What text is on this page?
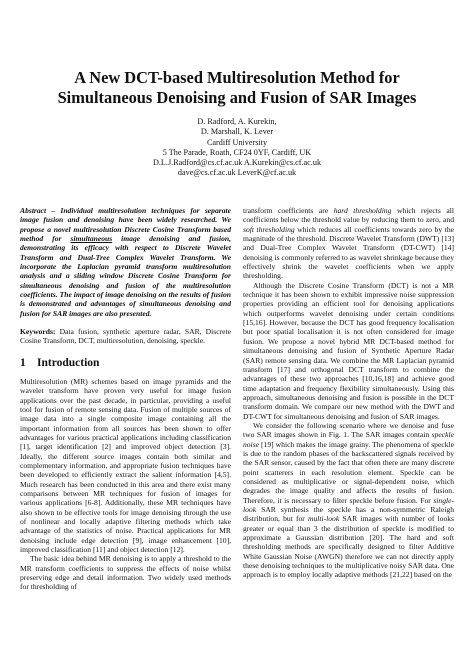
A New DCT-based Multiresolution Method for
Simultaneous Denoising and Fusion of SAR Images
D. Radford, A. Kurekin,
D. Marshall, K. Lever
Cardiff University
5 The Parade, Roath, CF24 0YF, Cardiff, UK
D.L.J.Radford@cs.cf.ac.uk A.Kurekin@cs.cf.ac.uk
dave@cs.cf.ac.uk LeverK@cf.ac.uk

Abstract – Individual multiresolution techniques for separate image fusion and denoising have been widely researched. We propose a novel multiresolution Discrete Cosine Transform based method for simultaneous image denoising and fusion, demonstrating its efficacy with respect to Discrete Wavelet Transform and Dual-Tree Complex Wavelet Transform. We incorporate the Laplacian pyramid transform multiresolution analysis and a sliding window Discrete Cosine Transform for simultaneous denoising and fusion of the multiresolution coefficients. The impact of image denoising on the results of fusion is demonstrated and advantages of simultaneous denoising and fusion for SAR images are also presented.

Keywords: Data fusion, synthetic aperture radar, SAR, Discrete Cosine Transform, DCT, multiresolution, denoising, speckle.

1 Introduction

Multiresolution (MR) schemes based on image pyramids and the wavelet transform have proven very useful for image fusion applications over the past decade, in particular, providing a useful tool for fusion of remote sensing data. Fusion of multiple sources of image data into a single composite image containing all the important information from all sources has been shown to offer advantages for various practical applications including classification [1], target identification [2] and improved object detection [3]. Ideally, the different source images contain both similar and complementary information, and appropriate fusion techniques have been developed to efficiently extract the salient information [4,5]. Much research has been conducted in this area and there exist many comparisons between MR techniques for fusion of images for various applications [6-8]. Additionally, these MR techniques have also shown to be effective tools for image denoising through the use of nonlinear and locally adaptive filtering methods which take advantage of the statistics of noise. Practical applications for MR denoising include edge detection [9], image enhancement [10], improved classification [11] and object detection [12].

The basic idea behind MR denoising is to apply a threshold to the MR transform coefficients to suppress the effects of noise whilst preserving edge and detail information. Two widely used methods for thresholding of

transform coefficients are hard thresholding which rejects all coefficients below the threshold value by reducing them to zero, and soft thresholding which reduces all coefficients towards zero by the magnitude of the threshold. Discrete Wavelet Transform (DWT) [13] and Dual-Tree Complex Wavelet Transform (DT-CWT) [14] denoising is commonly referred to as wavelet shrinkage because they effectively shrink the wavelet coefficients when we apply thresholding.

Although the Discrete Cosine Transform (DCT) is not a MR technique it has been shown to exhibit impressive noise suppression properties providing an efficient tool for denoising applications which outperforms wavelet denoising under certain conditions [15,16]. However, because the DCT has good frequency localisation but poor spatial localisation it is not often considered for image fusion. We propose a novel hybrid MR DCT-based method for simultaneous denoising and fusion of Synthetic Aperture Radar (SAR) remote sensing data. We combine the MR Laplacian pyramid transform [17] and orthogonal DCT transform to combine the advantages of these two approaches [10,16,18] and achieve good time adaptation and frequency flexibility simultaneously. Using this approach, simultaneous denoising and fusion is possible in the DCT transform domain. We compare our new method with the DWT and DT-CWT for simultaneous denoising and fusion of SAR images.

We consider the following scenario where we denoise and fuse two SAR images shown in Fig. 1. The SAR images contain speckle noise [19] which makes the image grainy. The phenomena of speckle is due to the random phases of the backscattered signals received by the SAR sensor, caused by the fact that often there are many discrete point scatterers in each resolution element. Speckle can be considered as multiplicative or signal-dependent noise, which degrades the image quality and affects the results of fusion. Therefore, it is necessary to filter speckle before fusion. For single-look SAR synthesis the speckle has a non-symmetric Raleigh distribution, but for multi-look SAR images with number of looks greater or equal than 3 the distribution of speckle is modified to approximate a Gaussian distribution [20]. The hard and soft thresholding methods are specifically designed to filter Additive White Gaussian Noise (AWGN) therefore we can not directly apply these denoising techniques to the multiplicative noisy SAR data. One approach is to employ locally adaptive methods [21,22] based on the
